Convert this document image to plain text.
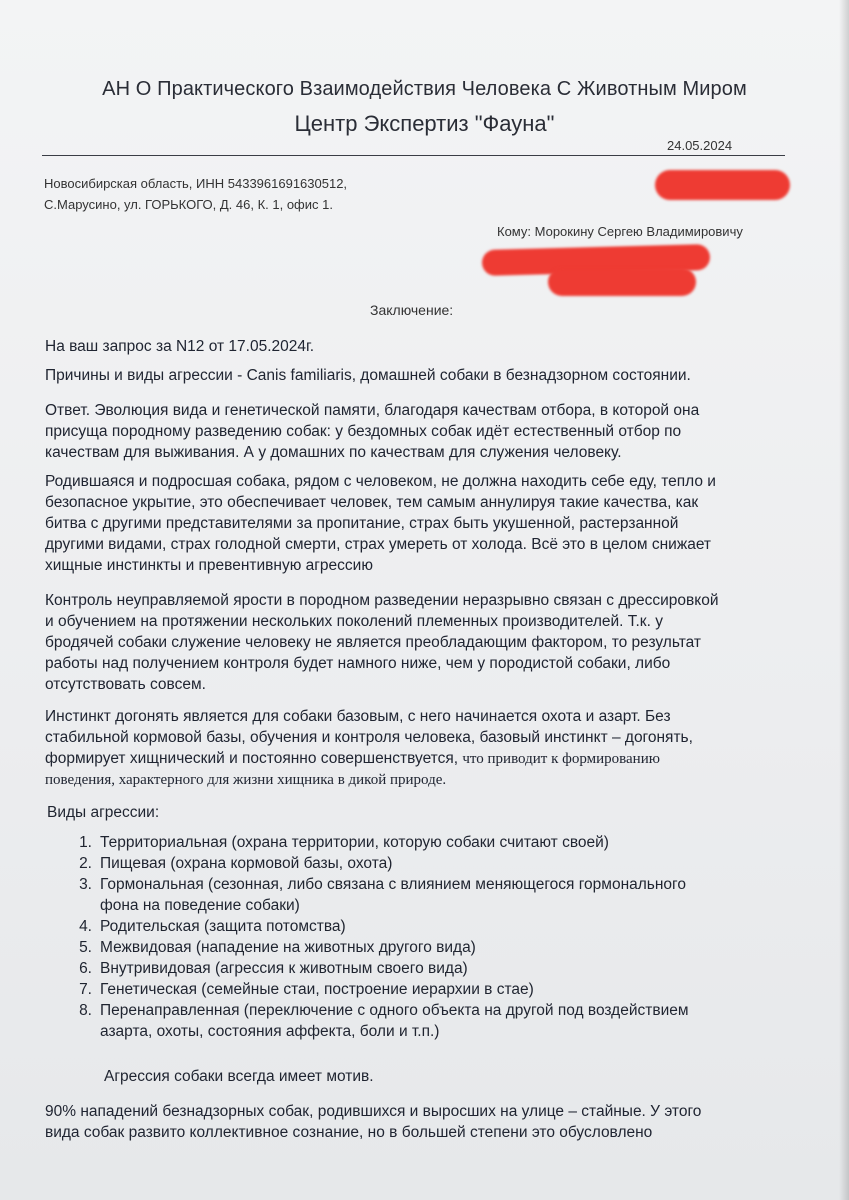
АН О Практического Взаимодействия Человека С Животным Миром
Центр Экспертиз "Фауна"
24.05.2024
Новосибирская область, ИНН 5433961691630512,
С.Марусино, ул. ГОРЬКОГО, Д. 46, К. 1, офис 1.
Кому: Морокину Сергею Владимировичу
Заключение:
На ваш запрос за N12 от 17.05.2024г.
Причины и виды агрессии - Canis familiaris, домашней собаки в безнадзорном состоянии.
Ответ. Эволюция вида и генетической памяти, благодаря качествам отбора, в которой она
присуща породному разведению собак: у бездомных собак идёт естественный отбор по
качествам для выживания. А у домашних по качествам для служения человеку.
Родившаяся и подросшая собака, рядом с человеком, не должна находить себе еду, тепло и
безопасное укрытие, это обеспечивает человек, тем самым аннулируя такие качества, как
битва с другими представителями за пропитание, страх быть укушенной, растерзанной
другими видами, страх голодной смерти, страх умереть от холода. Всё это в целом снижает
хищные инстинкты и превентивную агрессию
Контроль неуправляемой ярости в породном разведении неразрывно связан с дрессировкой
и обучением на протяжении нескольких поколений племенных производителей. Т.к. у
бродячей собаки служение человеку не является преобладающим фактором, то результат
работы над получением контроля будет намного ниже, чем у породистой собаки, либо
отсутствовать совсем.
Инстинкт догонять является для собаки базовым, с него начинается охота и азарт. Без
стабильной кормовой базы, обучения и контроля человека, базовый инстинкт – догонять,
формирует хищнический и постоянно совершенствуется, что приводит к формированию
поведения, характерного для жизни хищника в дикой природе.
Виды агрессии:
1. Территориальная (охрана территории, которую собаки считают своей)
2. Пищевая (охрана кормовой базы, охота)
3. Гормональная (сезонная, либо связана с влиянием меняющегося гормонального
фона на поведение собаки)
4. Родительская (защита потомства)
5. Межвидовая (нападение на животных другого вида)
6. Внутривидовая (агрессия к животным своего вида)
7. Генетическая (семейные стаи, построение иерархии в стае)
8. Перенаправленная (переключение с одного объекта на другой под воздействием
азарта, охоты, состояния аффекта, боли и т.п.)
Агрессия собаки всегда имеет мотив.
90% нападений безнадзорных собак, родившихся и выросших на улице – стайные. У этого
вида собак развито коллективное сознание, но в большей степени это обусловлено
